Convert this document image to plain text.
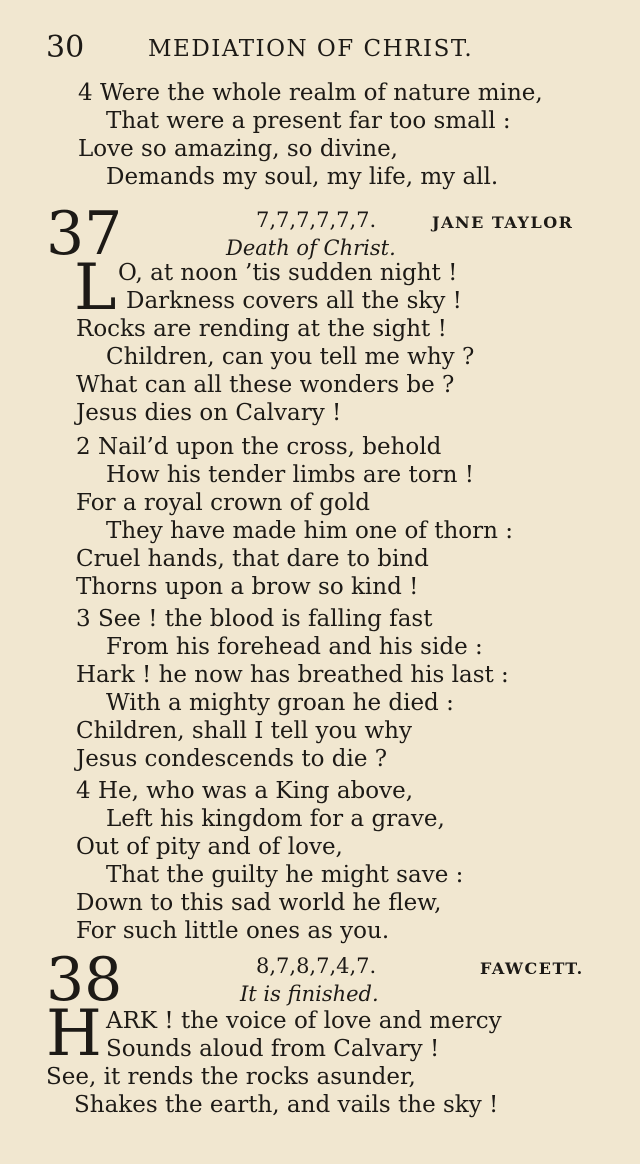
30	MEDIATION OF CHRIST.
4 Were the whole realm of nature mine,
That were a present far too small :
Love so amazing, so divine,
Demands my soul, my life, my all.
37	7,7,7,7,7,7.	JANE TAYLOR
Death of Christ.
L O, at noon ’tis sudden night !
Darkness covers all the sky !
Rocks are rending at the sight !
Children, can you tell me why ?
What can all these wonders be ?
Jesus dies on Calvary !
2 Nail’d upon the cross, behold
How his tender limbs are torn !
For a royal crown of gold
They have made him one of thorn :
Cruel hands, that dare to bind
Thorns upon a brow so kind !
3 See ! the blood is falling fast
From his forehead and his side :
Hark ! he now has breathed his last :
With a mighty groan he died :
Children, shall I tell you why
Jesus condescends to die ?
4 He, who was a King above,
Left his kingdom for a grave,
Out of pity and of love,
That the guilty he might save :
Down to this sad world he flew,
For such little ones as you.
38	8,7,8,7,4,7.	FAWCETT.
It is finished.
H ARK ! the voice of love and mercy
Sounds aloud from Calvary !
See, it rends the rocks asunder,
Shakes the earth, and vails the sky !
